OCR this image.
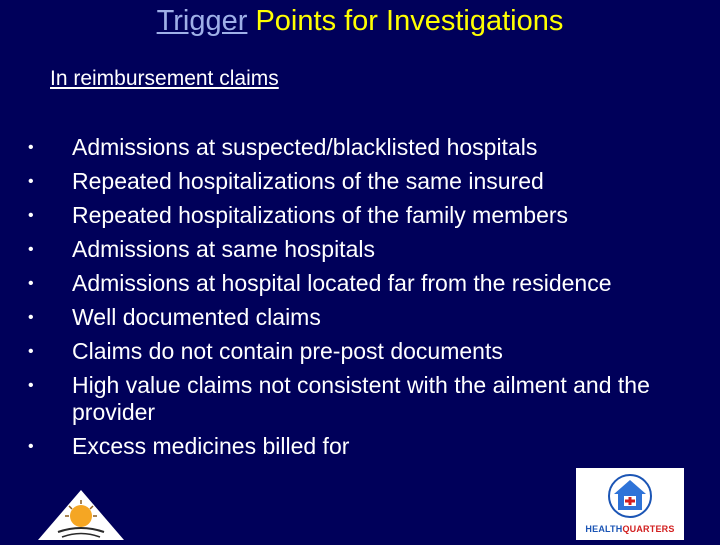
Trigger Points for Investigations
In reimbursement claims
• Admissions at suspected/blacklisted hospitals
• Repeated hospitalizations of the same insured
• Repeated hospitalizations of the family members
• Admissions at same hospitals
• Admissions at hospital located far from the residence
• Well documented claims
• Claims do not contain pre-post documents
• High value claims not consistent with the ailment and the provider
• Excess medicines billed for
HEALTHQUARTERS
